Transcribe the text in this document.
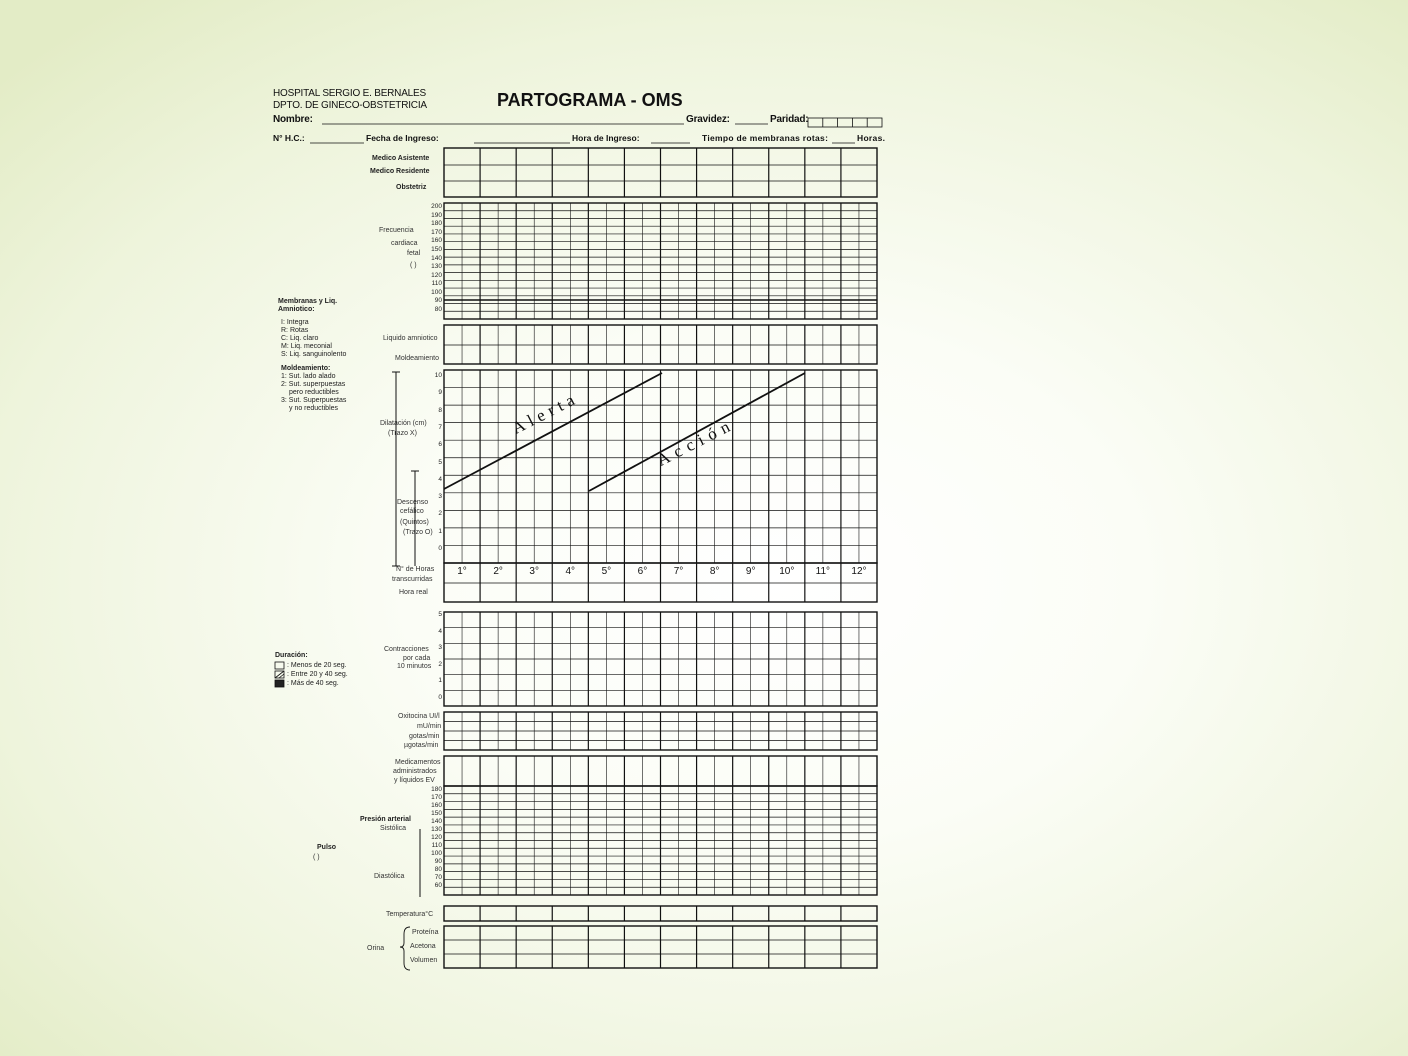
HOSPITAL SERGIO E. BERNALES
DPTO. DE GINECO-OBSTETRICIA	PARTOGRAMA - OMS
Nombre:	Gravidez:	Paridad:
N° H.C.:	Fecha de Ingreso:	Hora de Ingreso:	Tiempo de membranas rotas:	Horas.
Medico Asistente
Medico Residente
Obstetriz
Frecuencia
cardiaca
fetal
( )
200
190
180
170
160
150
140
130
120
110
100
90
80
Membranas y Liq.
Amniotico:
I: Integra
R: Rotas
C: Liq. claro
M: Liq. meconial
S: Liq. sanguinolento
Moldeamiento:
1: Sut. lado alado
2: Sut. superpuestas
pero reductibles
3: Sut. Superpuestas
y no reductibles
Liquido amniotico
Moldeamiento
Dilatación (cm)
(Trazo X)
10
9
8
7
6
5
4
3
2
1
0
Descenso
cefálico
(Quintos)
(Trazo O)
N° de Horas
transcurridas
Hora real
1°	2°	3°	4°	5°	6°	7°	8°	9°	10°	11°	12°
Contracciones
por cada
10 minutos
5
4
3
2
1
0
Duración:
: Menos de 20 seg.
: Entre 20 y 40 seg.
: Más de 40 seg.
Oxitocina UI/l
mU/min
gotas/min
µgotas/min
Medicamentos
administrados
y líquidos EV
Presión arterial
Sistólica
Diastólica
180
170
160
150
140
130
120
110
100
90
80
70
60
Pulso
( )
Temperatura°C
Orina
Proteína
Acetona
Volumen
Alerta
Acción
